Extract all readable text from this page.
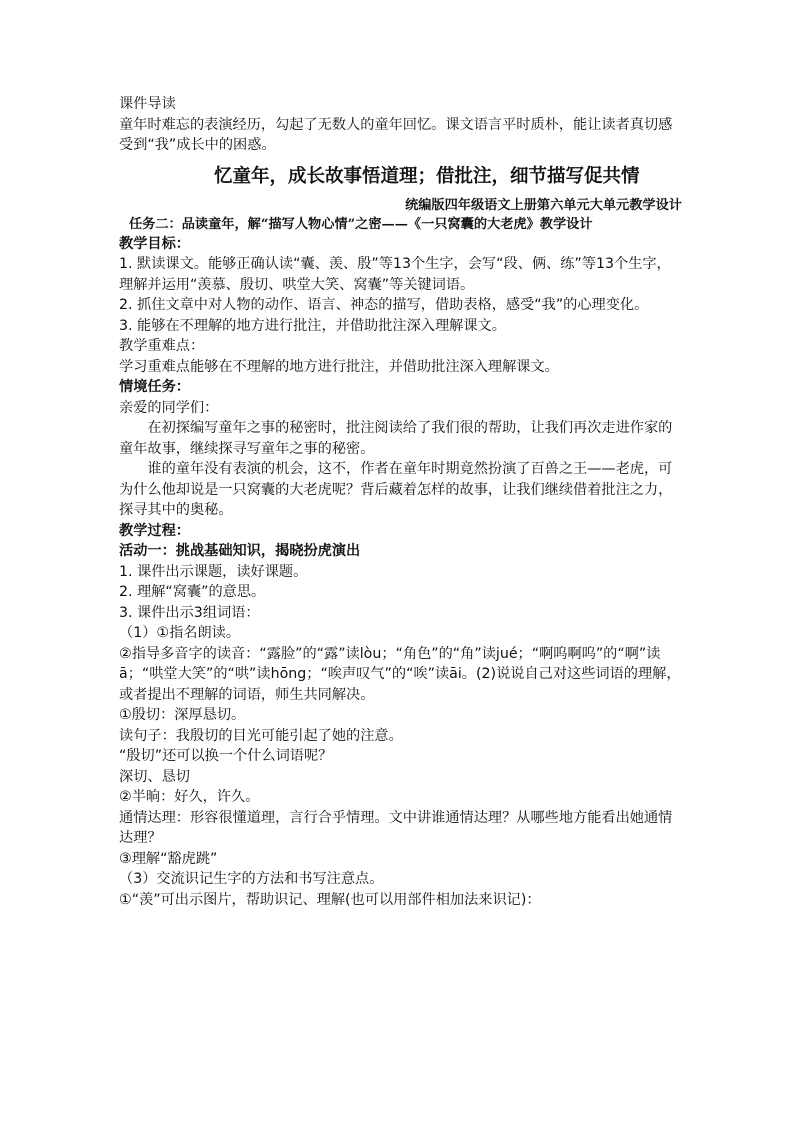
课件导读

童年时难忘的表演经历，勾起了无数人的童年回忆。课文语言平时质朴，能让读者真切感受到“我”成长中的困惑。

忆童年，成长故事悟道理；借批注，细节描写促共情

统编版四年级语文上册第六单元大单元教学设计

任务二：品读童年，解“描写人物心情”之密——《一只窝囊的大老虎》教学设计

教学目标：

1. 默读课文。能够正确认读“囊、羡、殷”等13个生字，会写“段、俩、练”等13个生字，理解并运用“羡慕、殷切、哄堂大笑、窝囊”等关键词语。

2. 抓住文章中对人物的动作、语言、神态的描写，借助表格，感受“我”的心理变化。

3. 能够在不理解的地方进行批注，并借助批注深入理解课文。

教学重难点：

学习重难点能够在不理解的地方进行批注，并借助批注深入理解课文。

情境任务：

亲爱的同学们：

在初探编写童年之事的秘密时，批注阅读给了我们很的帮助，让我们再次走进作家的童年故事，继续探寻写童年之事的秘密。

谁的童年没有表演的机会，这不，作者在童年时期竟然扮演了百兽之王——老虎，可为什么他却说是一只窝囊的大老虎呢？背后藏着怎样的故事，让我们继续借着批注之力，探寻其中的奥秘。

教学过程：

活动一：挑战基础知识，揭晓扮虎演出

1. 课件出示课题，读好课题。

2. 理解“窝囊”的意思。

3. 课件出示3组词语：

（1）①指名朗读。

②指导多音字的读音：“露脸”的“露”读lòu；“角色”的“角”读jué；“啊呜啊呜”的“啊”读ā；“哄堂大笑”的“哄”读hōng；“唉声叹气”的“唉”读āi。(2)说说自己对这些词语的理解，或者提出不理解的词语，师生共同解决。

①殷切：深厚恳切。

读句子：我殷切的目光可能引起了她的注意。

“殷切”还可以换一个什么词语呢？

深切、恳切

②半晌：好久，许久。

通情达理：形容很懂道理，言行合乎情理。文中讲谁通情达理？从哪些地方能看出她通情达理？

③理解“豁虎跳”

（3）交流识记生字的方法和书写注意点。

①“羡”可出示图片，帮助识记、理解(也可以用部件相加法来识记)：
